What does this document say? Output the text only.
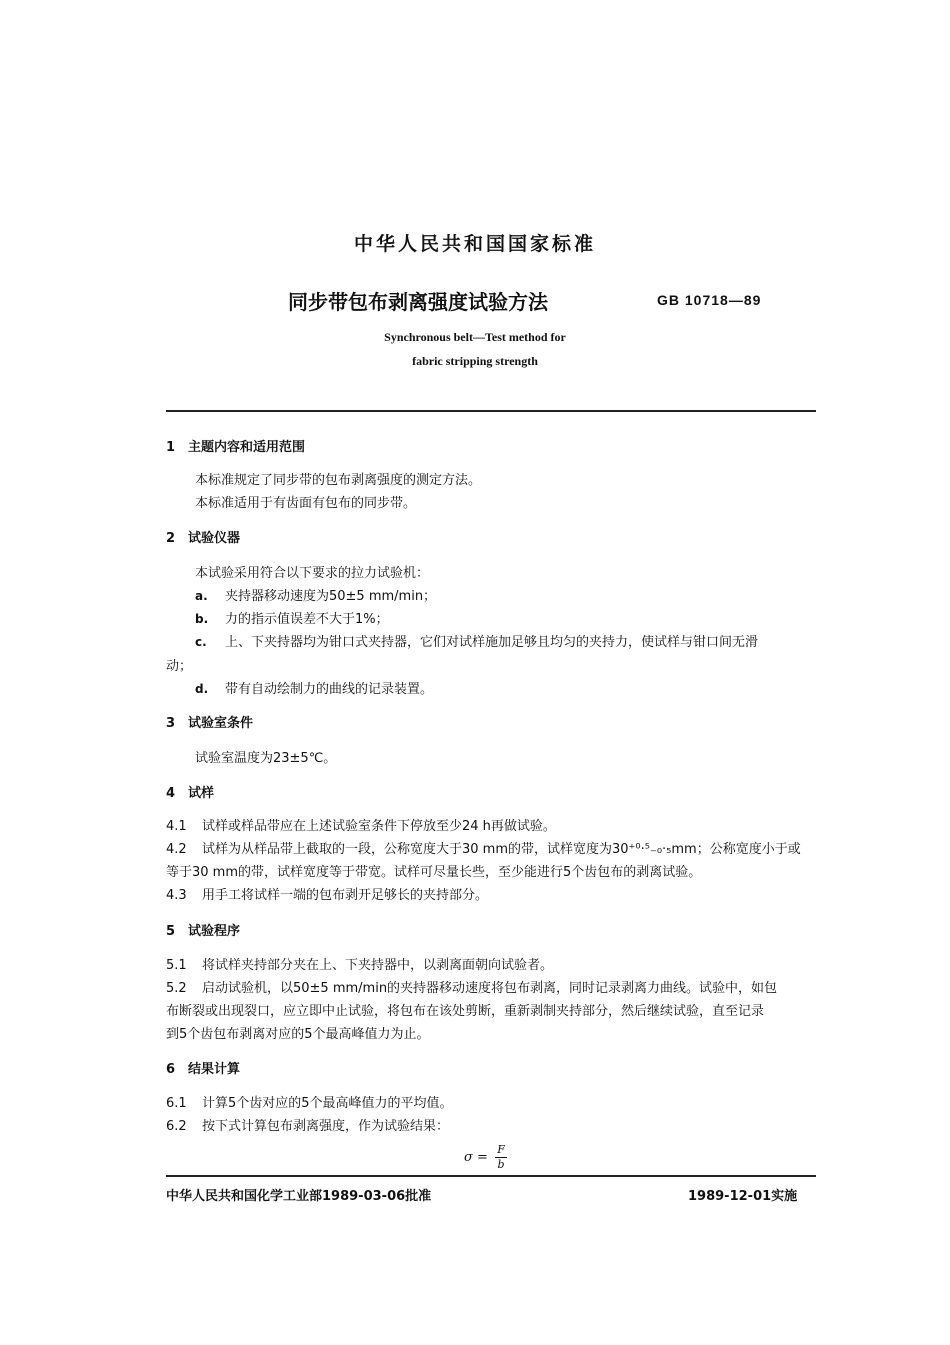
中华人民共和国国家标准
同步带包布剥离强度试验方法	GB 10718—89
Synchronous belt—Test method for
fabric stripping strength
1 主题内容和适用范围
本标准规定了同步带的包布剥离强度的测定方法。
本标准适用于有齿面有包布的同步带。
2 试验仪器
本试验采用符合以下要求的拉力试验机：
a. 夹持器移动速度为50±5 mm/min；
b. 力的指示值误差不大于1%；
c. 上、下夹持器均为钳口式夹持器，它们对试样施加足够且均匀的夹持力，使试样与钳口间无滑
动；
d. 带有自动绘制力的曲线的记录装置。
3 试验室条件
试验室温度为23±5℃。
4 试样
4.1 试样或样品带应在上述试验室条件下停放至少24 h再做试验。
4.2 试样为从样品带上截取的一段，公称宽度大于30 mm的带，试样宽度为30⁺⁰·⁵₋₀·₅mm；公称宽度小于或
等于30 mm的带，试样宽度等于带宽。试样可尽量长些，至少能进行5个齿包布的剥离试验。
4.3 用手工将试样一端的包布剥开足够长的夹持部分。
5 试验程序
5.1 将试样夹持部分夹在上、下夹持器中，以剥离面朝向试验者。
5.2 启动试验机，以50±5 mm/min的夹持器移动速度将包布剥离，同时记录剥离力曲线。试验中，如包
布断裂或出现裂口，应立即中止试验，将包布在该处剪断，重新剥制夹持部分，然后继续试验，直至记录
到5个齿包布剥离对应的5个最高峰值力为止。
6 结果计算
6.1 计算5个齿对应的5个最高峰值力的平均值。
6.2 按下式计算包布剥离强度，作为试验结果：
$\sigma = \frac{F}{b}$
中华人民共和国化学工业部1989-03-06批准	1989-12-01实施
